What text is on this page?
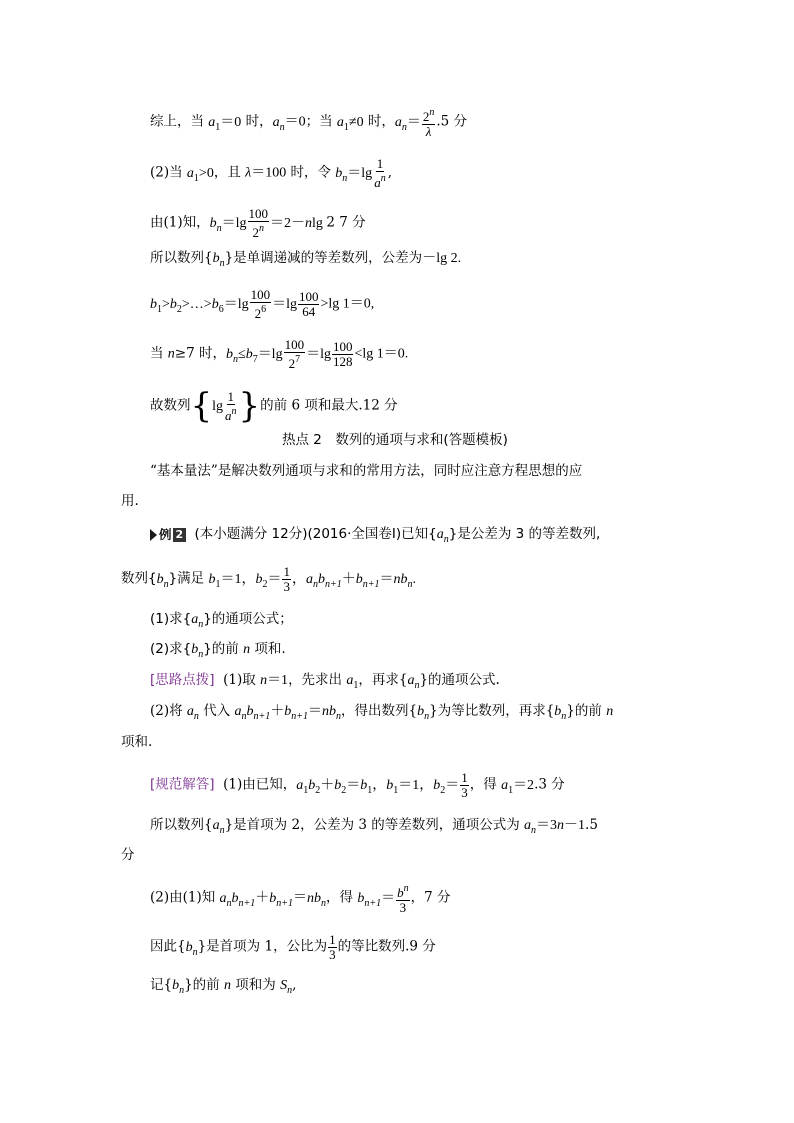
综上，当 $a_1=0$ 时，$a_n=0$；当 $a_1\ne 0$ 时，$a_n= \frac{2^n}{\lambda} .5$ 分
(2)当 $a_1>0$，且 λ＝100 时，令 $b_n=\lg \frac{1}{a^n}$ ,
由(1)知，$b_n=\lg \frac{100}{2^n} =2-nlg$ 2 7 分
所以数列$\{b_n\}$是单调递减的等差数列，公差为－lg 2.
$b_1>b_2>\dots>b_6=\lg \frac{100}{2^6} =\lg \frac{100}{64} >\lg$ 1＝0,
当 n≥7 时，$b_n\le b_7=\lg \frac{100}{2^7} =\lg \frac{100}{128} <\lg$ 1＝0.
故数列{$\lg \frac{1}{a^n}$ }的前 6 项和最大.12 分
热点 2　数列的通项与求和(答题模板)
“基本量法”是解决数列通项与求和的常用方法，同时应注意方程思想的应
用.
例 2 (本小题满分 12分)(2016·全国卷Ⅰ)已知$\{a_n\}$是公差为 3 的等差数列,
数列$\{b_n\}$满足 $b_1=1$，$b_2= \frac{1}{3}$ ，$a_nb_{n+1}+b_{n+1}=nb_n$.
(1)求$\{a_n\}$的通项公式；
(2)求$\{b_n\}$的前 n 项和.
[思路点拨] (1)取 n＝1，先求出 $a_1$，再求$\{a_n\}$的通项公式.
(2)将 $a_n$ 代入 $a_nb_{n+1}+b_{n+1}=nb_n$，得出数列$\{b_n\}$为等比数列，再求$\{b_n\}$的前 n
项和.
[规范解答] (1)由已知，$a_1b_2+b_2=b_1$，$b_1=1$，$b_2= \frac{1}{3}$ ，得 $a_1=2.3$ 分
所以数列$\{a_n\}$是首项为 2，公差为 3 的等差数列，通项公式为 $a_n=3n-1.5$
分
(2)由(1)知 $a_nb_{n+1}+b_{n+1}=nb_n$，得 $b_{n+1}= \frac{b^n}{3}$ ，7 分
因此$\{b_n\}$是首项为 1，公比为 $\frac{1}{3}$ 的等比数列.9 分
记$\{b_n\}$的前 n 项和为 $S_n$,
